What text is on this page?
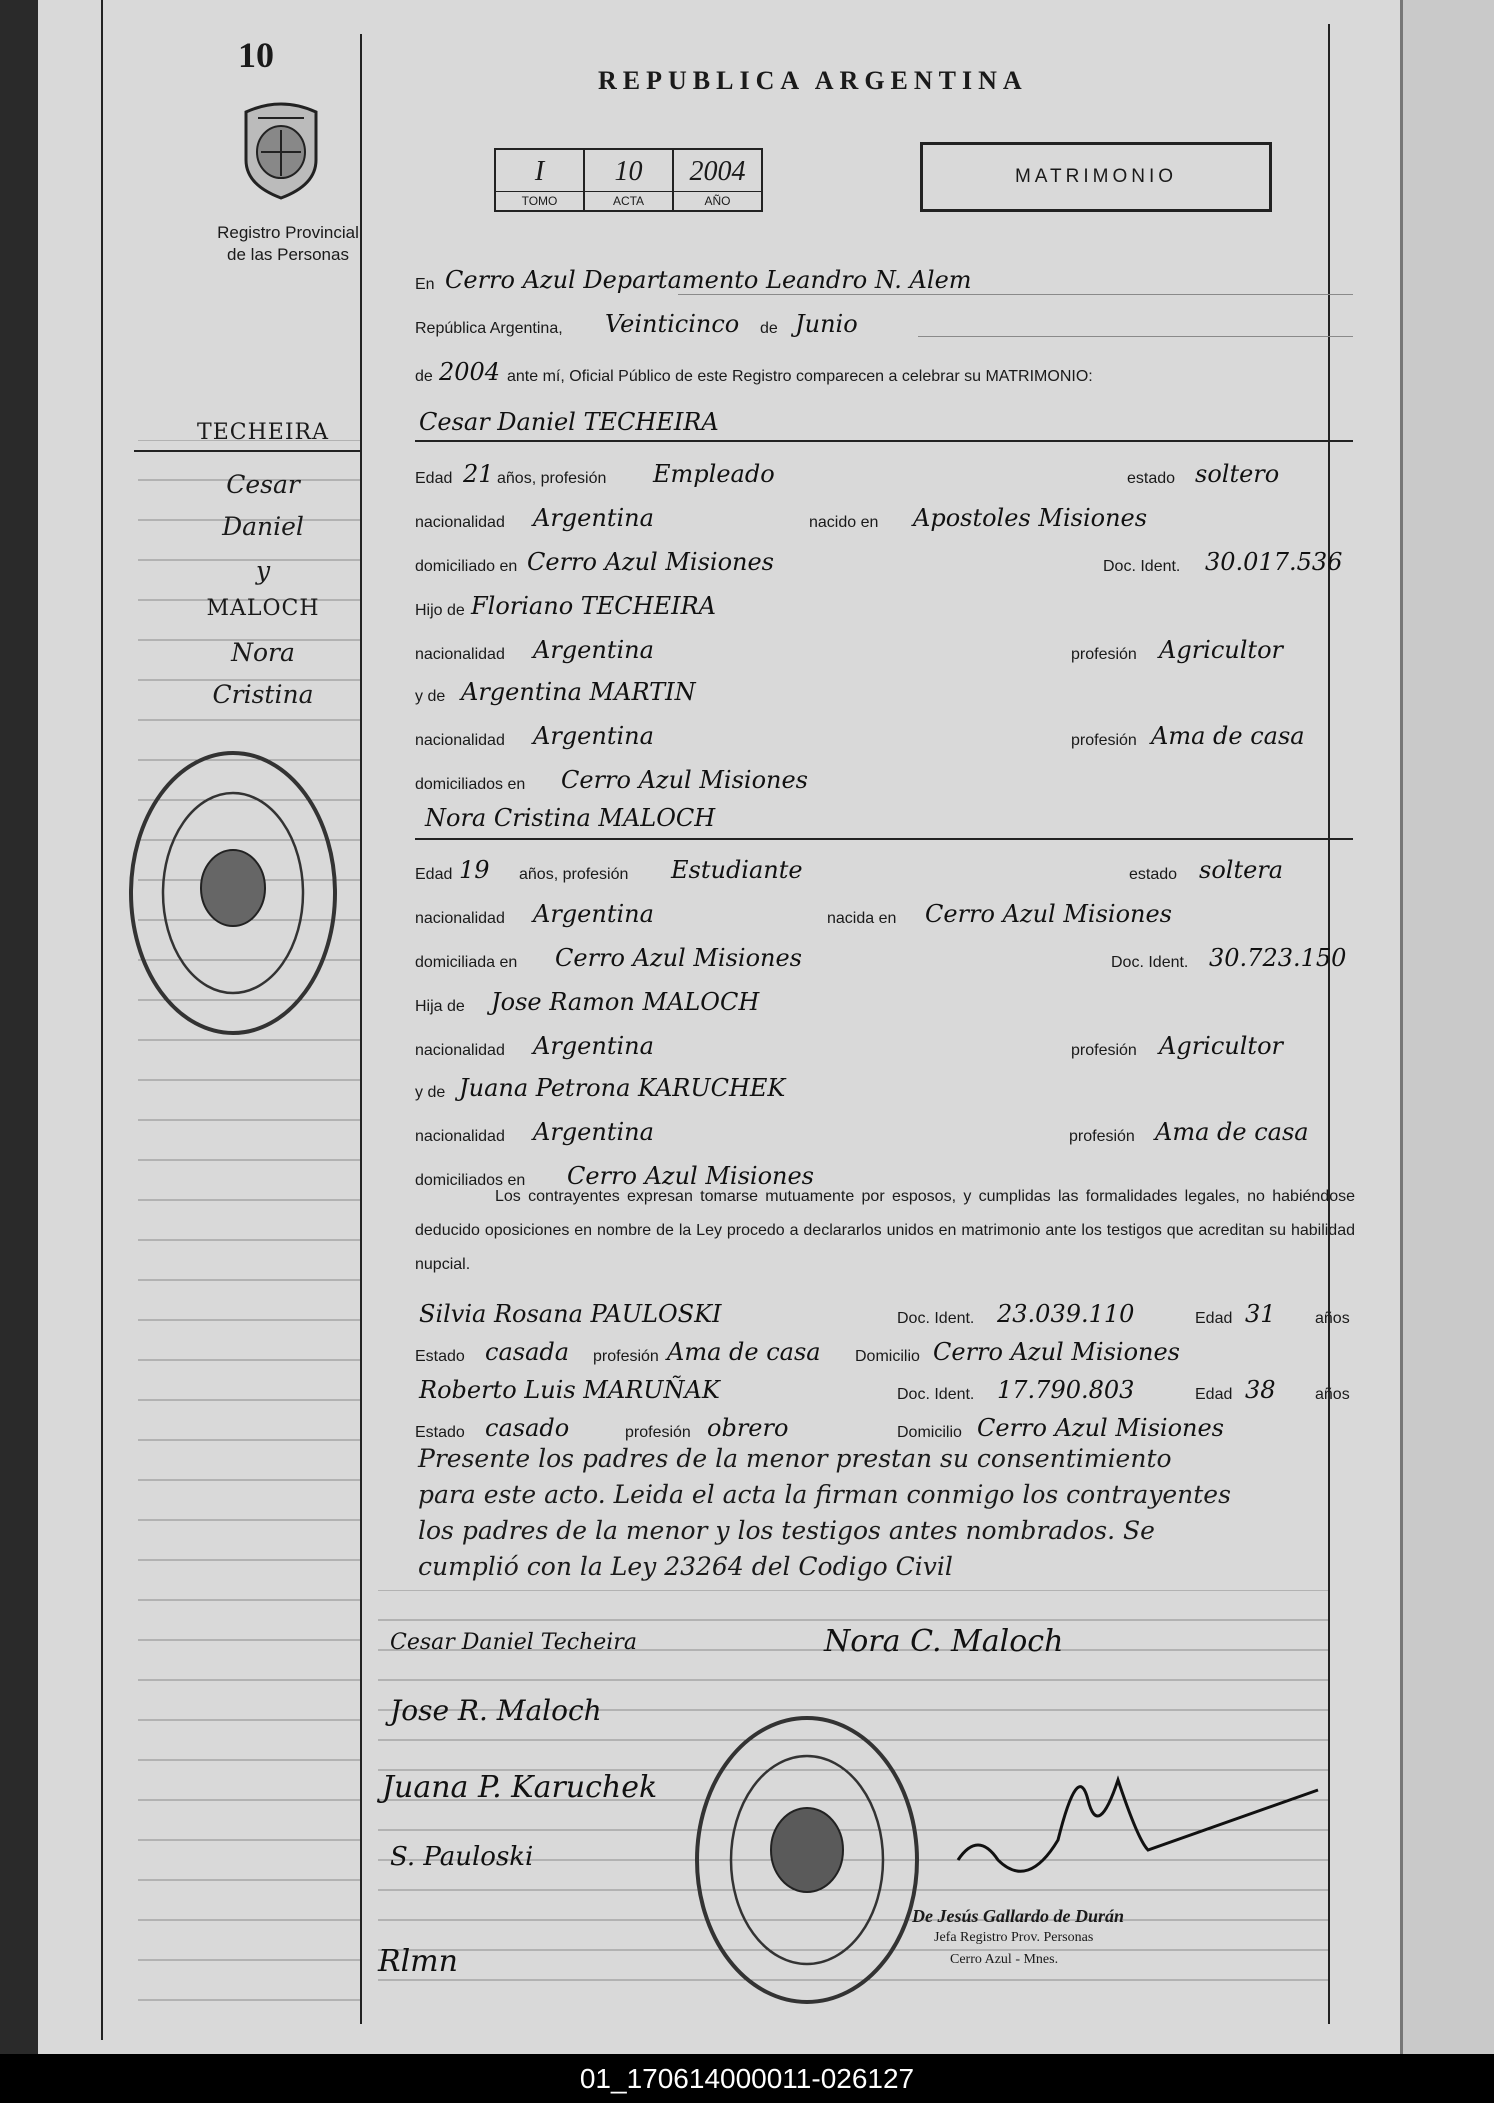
10
Registro Provincial
de las Personas
REPUBLICA ARGENTINA
I
TOMO
10
ACTA
2004
AÑO
MATRIMONIO
TECHEIRA
Cesar
Daniel
y
MALOCH
Nora
Cristina
En Cerro Azul Departamento Leandro N. Alem
República Argentina, Veinticinco de Junio
de 2004 ante mí, Oficial Público de este Registro comparecen a celebrar su MATRIMONIO:
Cesar Daniel TECHEIRA
Edad 21 años, profesión Empleado	estado soltero
nacionalidad Argentina	nacido en Apostoles Misiones
domiciliado en Cerro Azul Misiones	Doc. Ident. 30.017.536
Hijo de Floriano TECHEIRA
nacionalidad Argentina	profesión Agricultor
y de Argentina MARTIN
nacionalidad Argentina	profesión Ama de casa
domiciliados en Cerro Azul Misiones
Nora Cristina MALOCH
Edad 19 años, profesión Estudiante	estado soltera
nacionalidad Argentina	nacida en Cerro Azul Misiones
domiciliada en Cerro Azul Misiones	Doc. Ident. 30.723.150
Hija de Jose Ramon MALOCH
nacionalidad Argentina	profesión Agricultor
y de Juana Petrona KARUCHEK
nacionalidad Argentina	profesión Ama de casa
domiciliados en Cerro Azul Misiones
Los contrayentes expresan tomarse mutuamente por esposos, y cumplidas las formalidades legales, no habiéndose deducido oposiciones en nombre de la Ley procedo a declararlos unidos en matrimonio ante los testigos que acreditan su habilidad nupcial.
Silvia Rosana PAULOSKI	Doc. Ident. 23.039.110	Edad 31 años
Estado casada profesión Ama de casa Domicilio Cerro Azul Misiones
Roberto Luis MARUÑAK	Doc. Ident. 17.790.803	Edad 38 años
Estado casado	profesión obrero	Domicilio Cerro Azul Misiones
Presente los padres de la menor prestan su consentimiento
para este acto. Leida el acta la firman conmigo los contrayentes
los padres de la menor y los testigos antes nombrados. Se
cumplió con la Ley 23264 del Codigo Civil
Cesar Daniel Techeira	Nora C. Maloch
Jose R. Maloch
Juana P. Karuchek
S. Pauloski
Rlmn
De Jesús Gallardo de Durán
Jefa Registro Prov. Personas
Cerro Azul - Mnes.
01_170614000011-026127
